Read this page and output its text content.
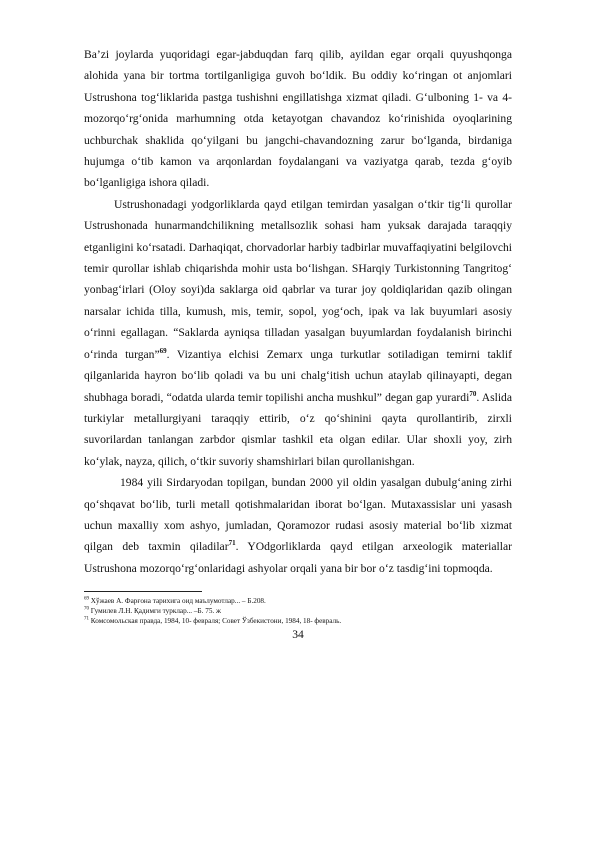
Ba’zi joylarda yuqoridagi egar-jabduqdan farq qilib, ayildan egar orqali quyushqonga alohida yana bir tortma tortilganligiga guvoh bo‘ldik. Bu oddiy ko‘ringan ot anjomlari Ustrushona tog‘liklarida pastga tushishni engillatishga xizmat qiladi. G‘ulboning 1- va 4- mozorqo‘rg‘onida marhumning otda ketayotgan chavandoz ko‘rinishida oyoqlarining uchburchak shaklida qo‘yilgani bu jangchi-chavandozning zarur bo‘lganda, birdaniga hujumga o‘tib kamon va arqonlardan foydalangani va vaziyatga qarab, tezda g‘oyib bo‘lganligiga ishora qiladi.

Ustrushonadagi yodgorliklarda qayd etilgan temirdan yasalgan o‘tkir tig‘li qurollar Ustrushonada hunarmandchilikning metallsozlik sohasi ham yuksak darajada taraqqiy etganligini ko‘rsatadi. Darhaqiqat, chorvadorlar harbiy tadbirlar muvaffaqiyatini belgilovchi temir qurollar ishlab chiqarishda mohir usta bo‘lishgan. SHarqiy Turkistonning Tangritog‘ yonbag‘irlari (Oloy soyi)da saklarga oid qabrlar va turar joy qoldiqlaridan qazib olingan narsalar ichida tilla, kumush, mis, temir, sopol, yog‘och, ipak va lak buyumlari asosiy o‘rinni egallagan. “Saklarda ayniqsa tilladan yasalgan buyumlardan foydalanish birinchi o‘rinda turgan”$^{69}$. Vizantiya elchisi Zemarx unga turkutlar sotiladigan temirni taklif qilganlarida hayron bo‘lib qoladi va bu uni chalg‘itish uchun ataylab qilinayapti, degan shubhaga boradi, “odatda ularda temir topilishi ancha mushkul” degan gap yurardi$^{70}$. Aslida turkiylar metallurgiyani taraqqiy ettirib, o‘z qo‘shinini qayta qurollantirib, zirxli suvorilardan tanlangan zarbdor qismlar tashkil eta olgan edilar. Ular shoxli yoy, zirh ko‘ylak, nayza, qilich, o‘tkir suvoriy shamshirlari bilan qurollanishgan.

1984 yili Sirdaryodan topilgan, bundan 2000 yil oldin yasalgan dubulg‘aning zirhi qo‘shqavat bo‘lib, turli metall qotishmalaridan iborat bo‘lgan. Mutaxassislar uni yasash uchun maxalliy xom ashyo, jumladan, Qoramozor rudasi asosiy material bo‘lib xizmat qilgan deb taxmin qiladilar$^{71}$. YOdgorliklarda qayd etilgan arxeologik materiallar Ustrushona mozorqo‘rg‘onlaridagi ashyolar orqali yana bir bor o‘z tasdig‘ini topmoqda.

$^{69}$ Хўжаев А. Фарғона тарихига оид маълумотлар... – Б.208.

$^{70}$ Гумилев Л.Н. Қадимги турклар... –Б. 75. ж

$^{71}$ Комсомольская правда, 1984, 10- февраля; Совет Ўзбекистони, 1984, 18- февраль.

34
